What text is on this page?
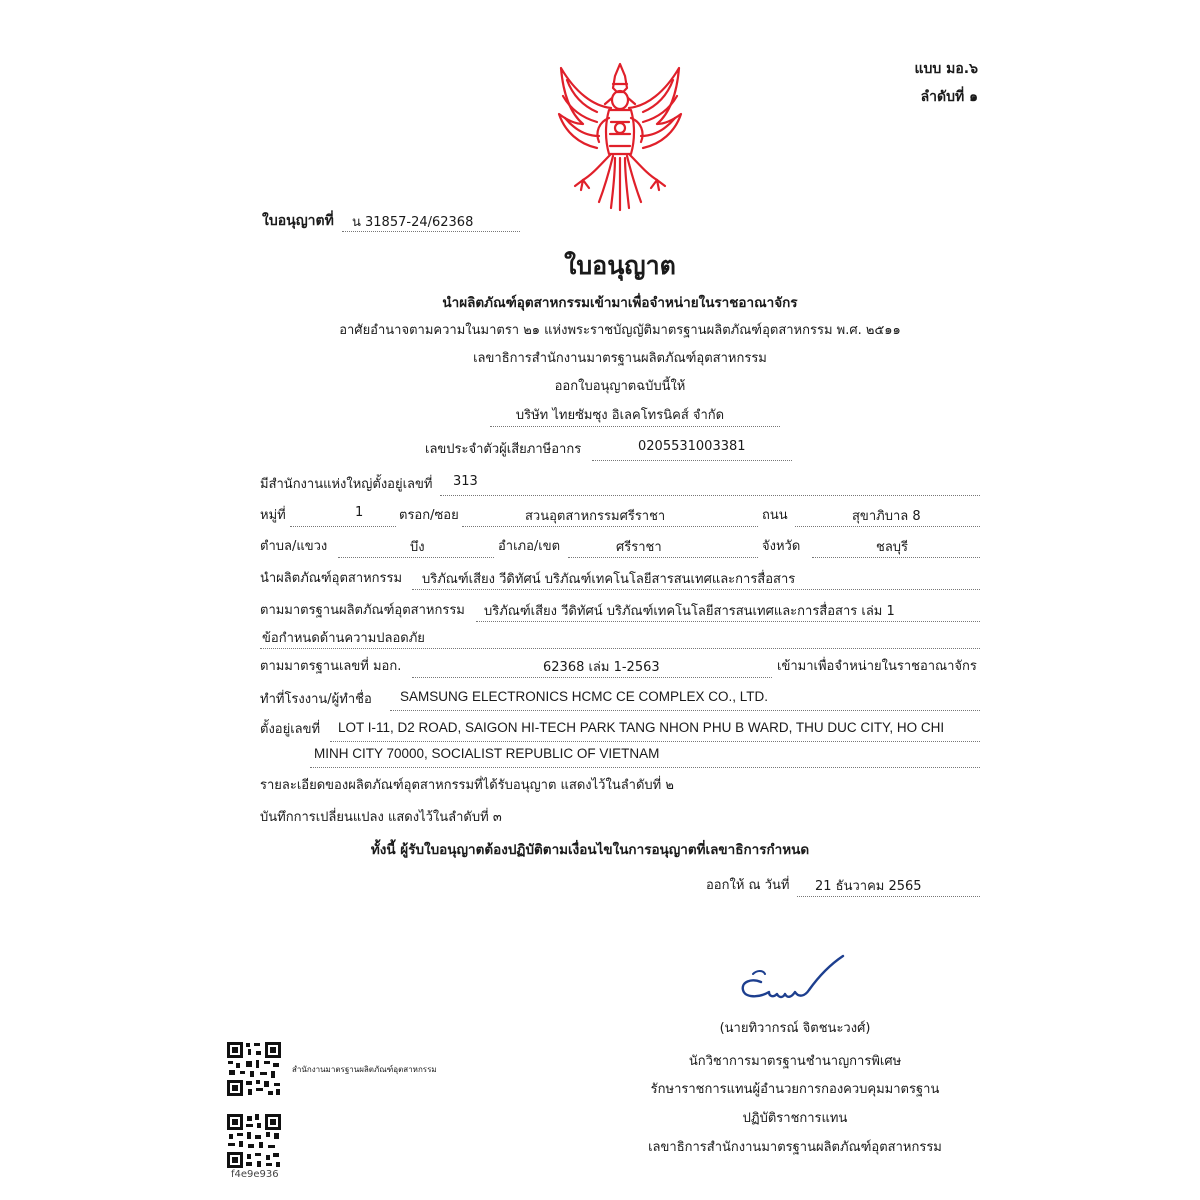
แบบ มอ.๖
ลำดับที่ ๑
ใบอนุญาตที่ น 31857-24/62368
ใบอนุญาต
นำผลิตภัณฑ์อุตสาหกรรมเข้ามาเพื่อจำหน่ายในราชอาณาจักร
อาศัยอำนาจตามความในมาตรา ๒๑ แห่งพระราชบัญญัติมาตรฐานผลิตภัณฑ์อุตสาหกรรม พ.ศ. ๒๕๑๑
เลขาธิการสำนักงานมาตรฐานผลิตภัณฑ์อุตสาหกรรม
ออกใบอนุญาตฉบับนี้ให้
บริษัท ไทยซัมซุง อิเลคโทรนิคส์ จำกัด
เลขประจำตัวผู้เสียภาษีอากร	0205531003381
มีสำนักงานแห่งใหญ่ตั้งอยู่เลขที่ 313
หมู่ที่	1	ตรอก/ซอย	สวนอุตสาหกรรมศรีราชา	ถนน	สุขาภิบาล 8
ตำบล/แขวง	บึง	อำเภอ/เขต	ศรีราชา	จังหวัด	ชลบุรี
นำผลิตภัณฑ์อุตสาหกรรม บริภัณฑ์เสียง วีดิทัศน์ บริภัณฑ์เทคโนโลยีสารสนเทศและการสื่อสาร
ตามมาตรฐานผลิตภัณฑ์อุตสาหกรรม บริภัณฑ์เสียง วีดิทัศน์ บริภัณฑ์เทคโนโลยีสารสนเทศและการสื่อสาร เล่ม 1
ข้อกำหนดด้านความปลอดภัย
ตามมาตรฐานเลขที่ มอก.	62368 เล่ม 1-2563	เข้ามาเพื่อจำหน่ายในราชอาณาจักร
ทำที่โรงงาน/ผู้ทำชื่อ SAMSUNG ELECTRONICS HCMC CE COMPLEX CO., LTD.
ตั้งอยู่เลขที่ LOT I-11, D2 ROAD, SAIGON HI-TECH PARK TANG NHON PHU B WARD, THU DUC CITY, HO CHI
MINH CITY 70000, SOCIALIST REPUBLIC OF VIETNAM
รายละเอียดของผลิตภัณฑ์อุตสาหกรรมที่ได้รับอนุญาต แสดงไว้ในลำดับที่ ๒
บันทึกการเปลี่ยนแปลง แสดงไว้ในลำดับที่ ๓
ทั้งนี้ ผู้รับใบอนุญาตต้องปฏิบัติตามเงื่อนไขในการอนุญาตที่เลขาธิการกำหนด
ออกให้ ณ วันที่ 21 ธันวาคม 2565
(นายทิวากรณ์ จิตชนะวงศ์)
นักวิชาการมาตรฐานชำนาญการพิเศษ
รักษาราชการแทนผู้อำนวยการกองควบคุมมาตรฐาน
ปฏิบัติราชการแทน
เลขาธิการสำนักงานมาตรฐานผลิตภัณฑ์อุตสาหกรรม
สำนักงานมาตรฐานผลิตภัณฑ์อุตสาหกรรม
f4e9e936
